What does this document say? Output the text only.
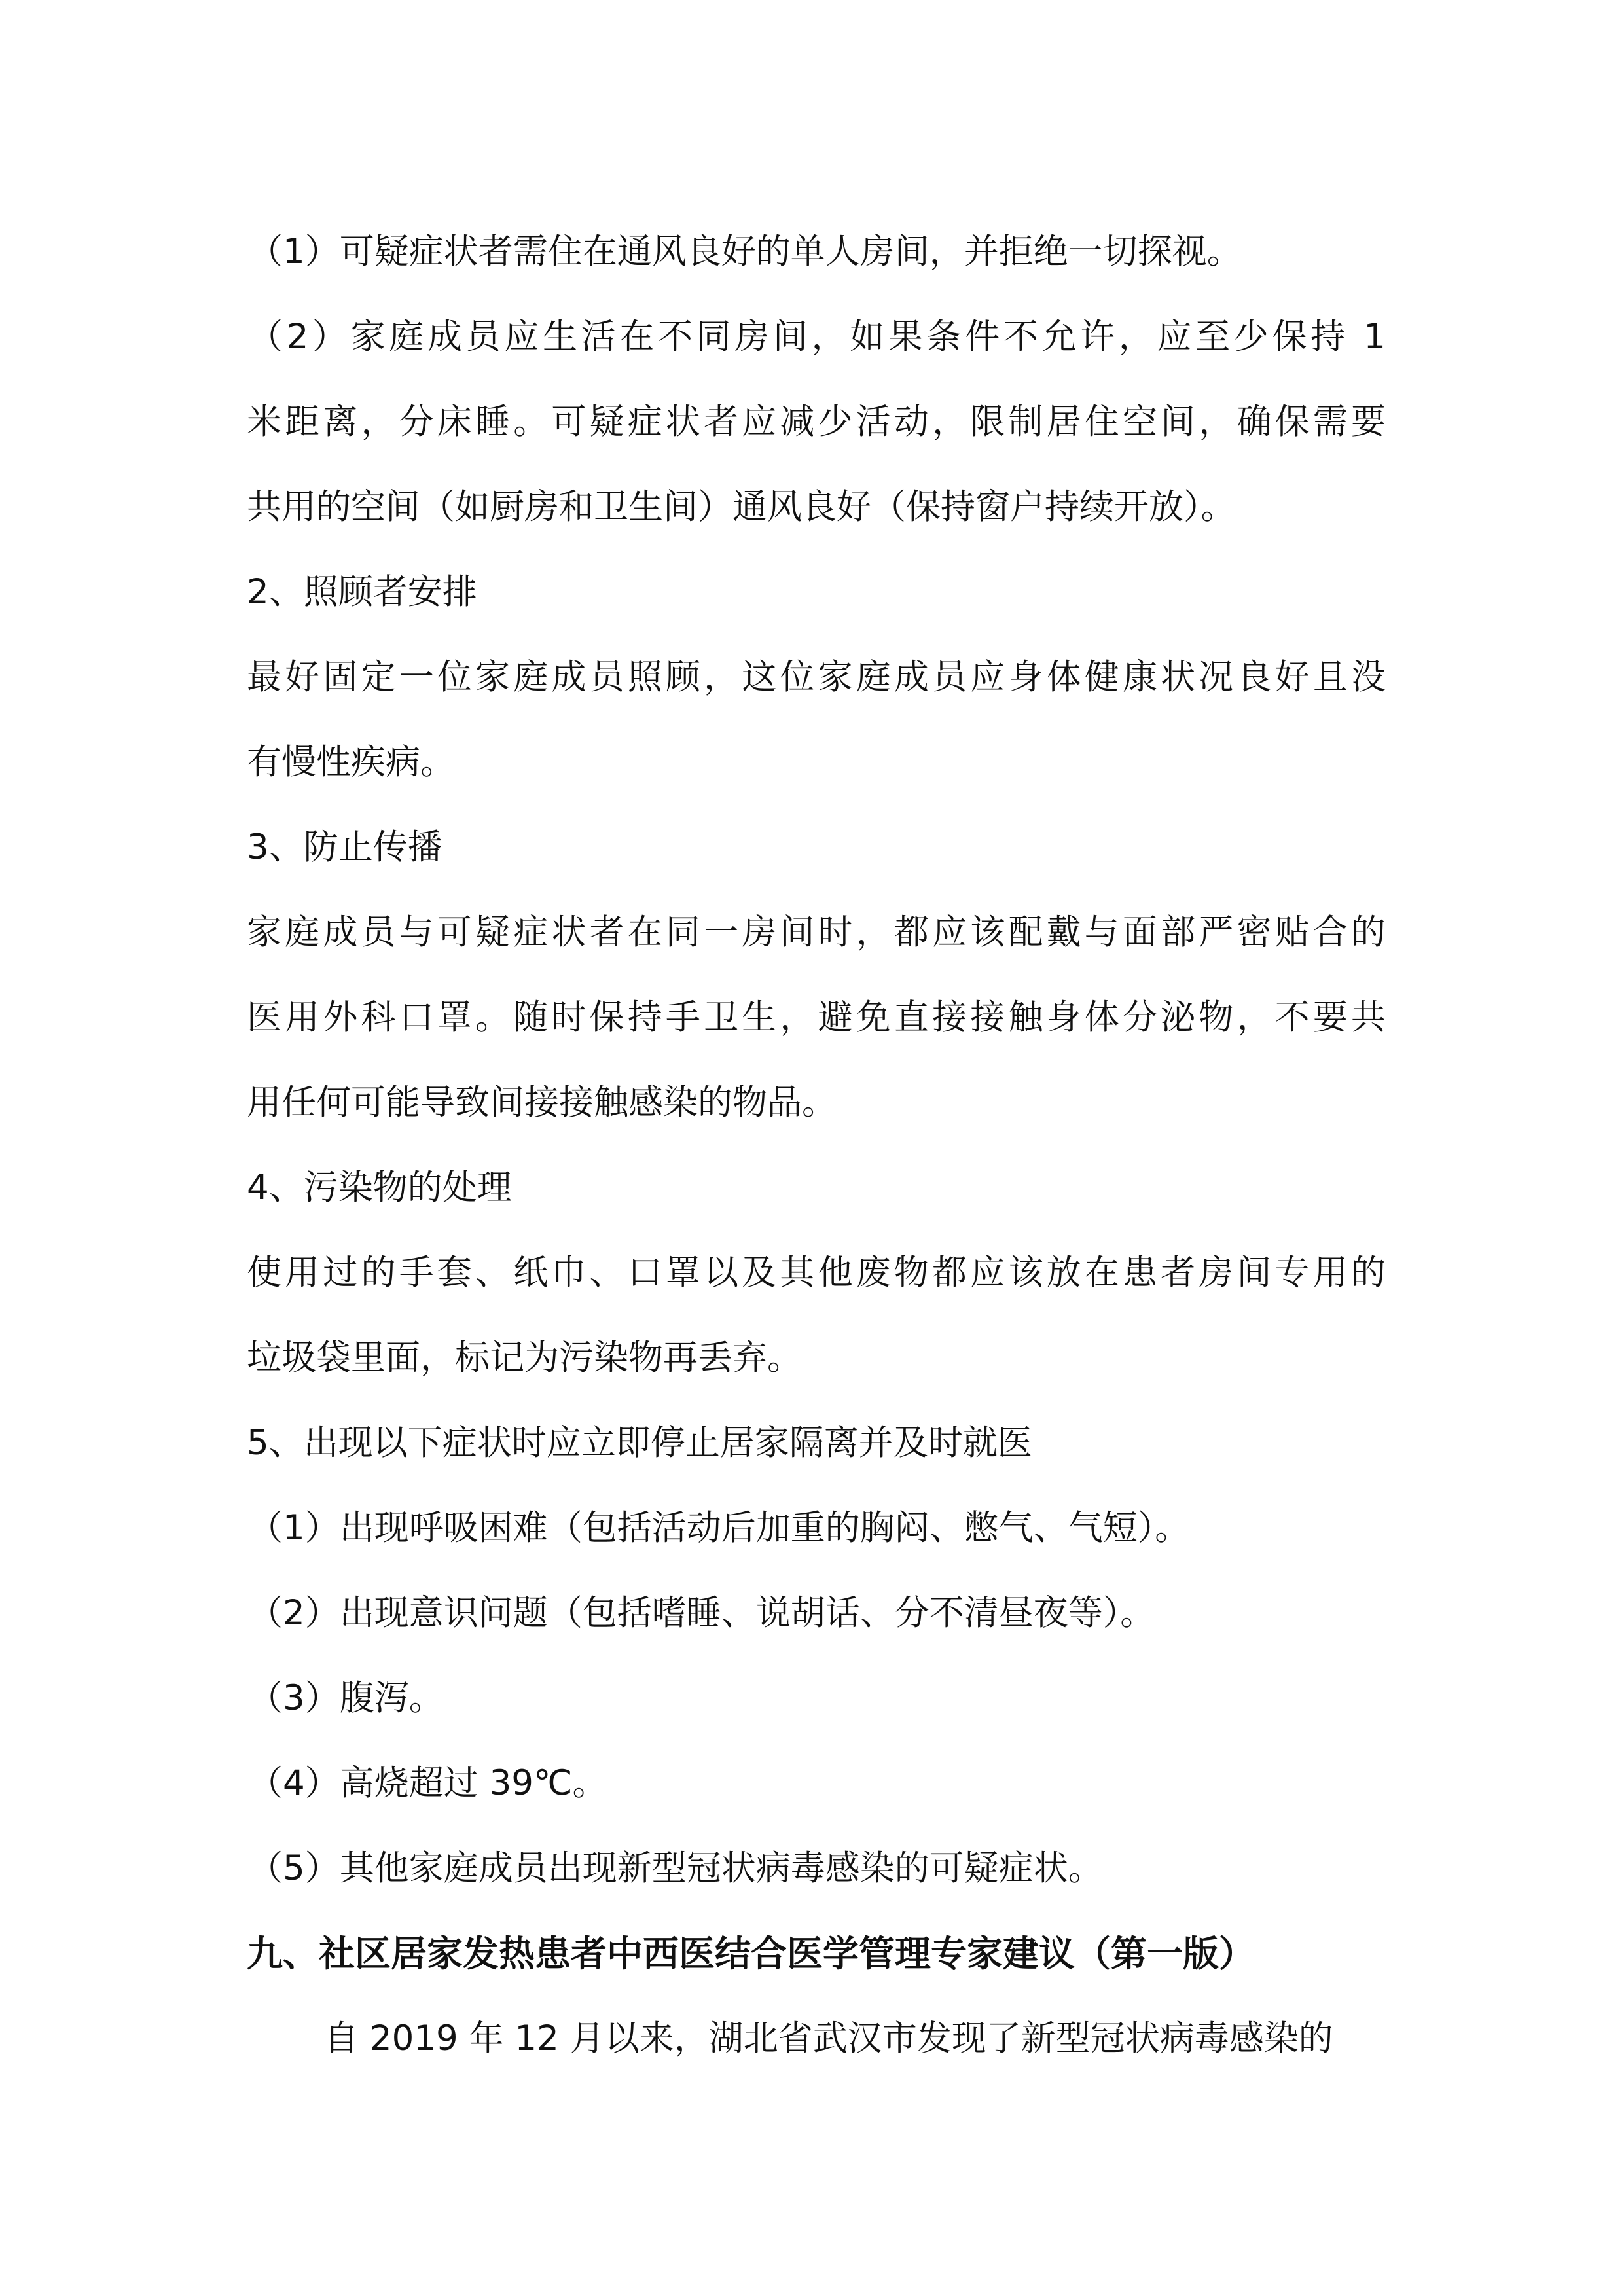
（1）可疑症状者需住在通风良好的单人房间，并拒绝一切探视。
（2）家庭成员应生活在不同房间，如果条件不允许，应至少保持 1
米距离，分床睡。可疑症状者应减少活动，限制居住空间，确保需要
共用的空间（如厨房和卫生间）通风良好（保持窗户持续开放）。
2、照顾者安排
最好固定一位家庭成员照顾，这位家庭成员应身体健康状况良好且没
有慢性疾病。
3、防止传播
家庭成员与可疑症状者在同一房间时，都应该配戴与面部严密贴合的
医用外科口罩。随时保持手卫生，避免直接接触身体分泌物，不要共
用任何可能导致间接接触感染的物品。
4、污染物的处理
使用过的手套、纸巾、口罩以及其他废物都应该放在患者房间专用的
垃圾袋里面，标记为污染物再丢弃。
5、出现以下症状时应立即停止居家隔离并及时就医
（1）出现呼吸困难（包括活动后加重的胸闷、憋气、气短）。
（2）出现意识问题（包括嗜睡、说胡话、分不清昼夜等）。
（3）腹泻。
（4）高烧超过 39℃。
（5）其他家庭成员出现新型冠状病毒感染的可疑症状。
九、社区居家发热患者中西医结合医学管理专家建议（第一版）
自 2019 年 12 月以来，湖北省武汉市发现了新型冠状病毒感染的
